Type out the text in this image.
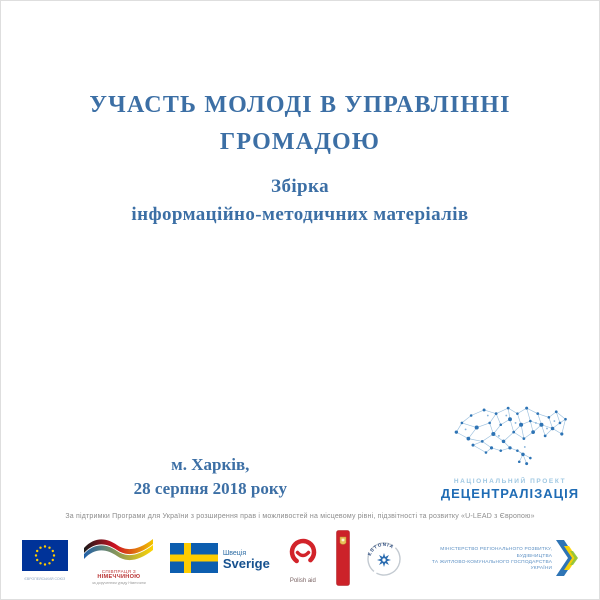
УЧАСТЬ МОЛОДІ В УПРАВЛІННІ
ГРОМАДОЮ
Збірка
інформаційно-методичних матеріалів
м. Харків,
28 серпня 2018 року	НАЦІОНАЛЬНИЙ ПРОЕКТ
ДЕЦЕНТРАЛІЗАЦІЯ
За підтримки Програми для України з розширення прав і можливостей на місцевому рівні, підзвітності та розвитку «U-LEAD з Європою»
ЄВРОПЕЙСЬКИЙ СОЮЗ
СПІВПРАЦЯ З
НІМЕЧЧИНОЮ
за дорученням уряду Німеччини
Швеція
Sverige
Polish aid
ESTONIA
МІНІСТЕРСТВО РЕГІОНАЛЬНОГО РОЗВИТКУ,
БУДІВНИЦТВА
ТА ЖИТЛОВО-КОМУНАЛЬНОГО ГОСПОДАРСТВА
УКРАЇНИ
